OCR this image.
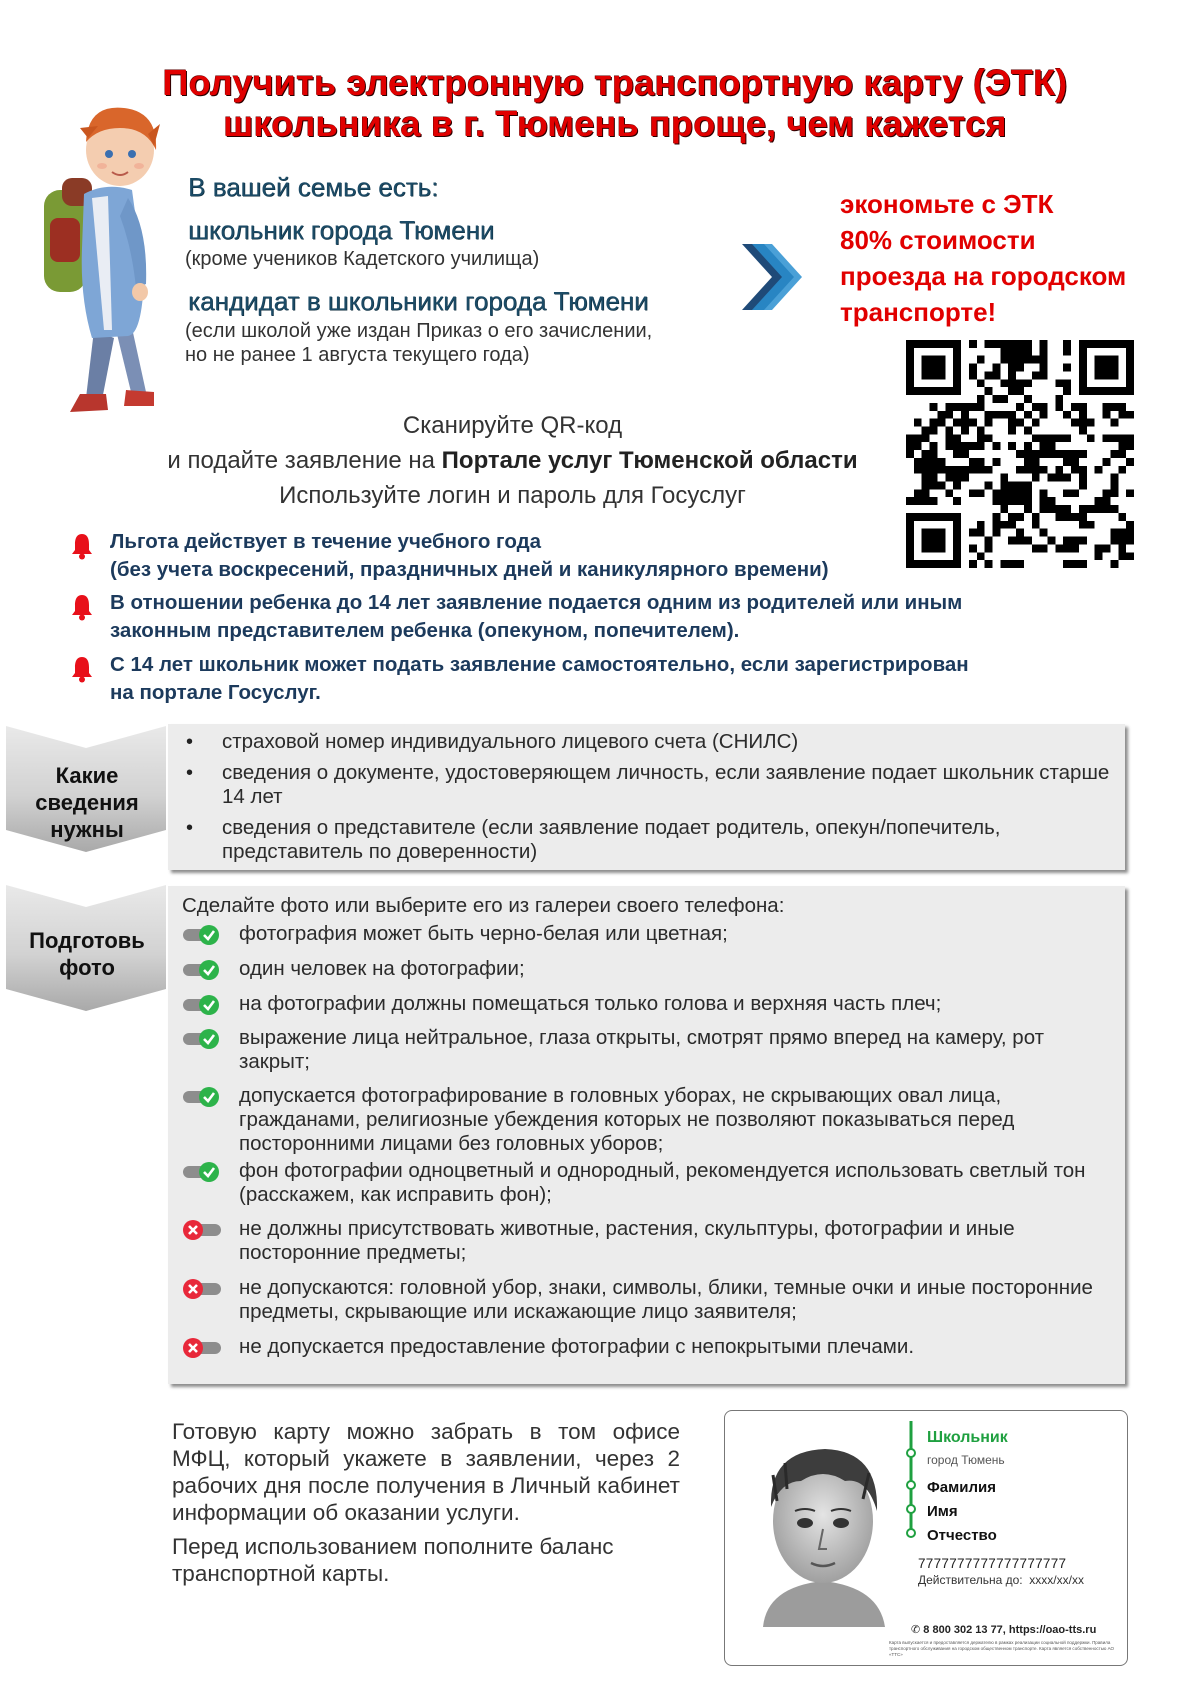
Получить электронную транспортную карту (ЭТК)
школьника в г. Тюмень проще, чем кажется
В вашей семье есть:
школьник города Тюмени
(кроме учеников Кадетского училища)
кандидат в школьники города Тюмени
(если школой уже издан Приказ о его зачислении,
но не ранее 1 августа текущего года)
экономьте с ЭТК
80% стоимости
проезда на городском
транспорте!
Сканируйте QR-код
и подайте заявление на Портале услуг Тюменской области
Используйте логин и пароль для Госуслуг
Льгота действует в течение учебного года
(без учета воскресений, праздничных дней и каникулярного времени)
В отношении ребенка до 14 лет заявление подается одним из родителей или иным
законным представителем ребенка (опекуном, попечителем).
С 14 лет школьник может подать заявление самостоятельно, если зарегистрирован
на портале Госуслуг.
Какие
сведения
нужны
• страховой номер индивидуального лицевого счета (СНИЛС)
• сведения о документе, удостоверяющем личность, если заявление подает школьник старше 14 лет
• сведения о представителе (если заявление подает родитель, опекун/попечитель, представитель по доверенности)
Подготовь
фото
Сделайте фото или выберите его из галереи своего телефона:
фотография может быть черно-белая или цветная;
один человек на фотографии;
на фотографии должны помещаться только голова и верхняя часть плеч;
выражение лица нейтральное, глаза открыты, смотрят прямо вперед на камеру, рот закрыт;
допускается фотографирование в головных уборах, не скрывающих овал лица, гражданами, религиозные убеждения которых не позволяют показываться перед посторонними лицами без головных уборов;
фон фотографии одноцветный и однородный, рекомендуется использовать светлый тон (расскажем, как исправить фон);
не должны присутствовать животные, растения, скульптуры, фотографии и иные посторонние предметы;
не допускаются: головной убор, знаки, символы, блики, темные очки и иные посторонние предметы, скрывающие или искажающие лицо заявителя;
не допускается предоставление фотографии с непокрытыми плечами.
Готовую карту можно забрать в том офисе МФЦ, который укажете в заявлении, через 2 рабочих дня после получения в Личный кабинет информации об оказании услуги.
Перед использованием пополните баланс транспортной карты.
Школьник
город Тюмень
Фамилия
Имя
Отчество
7777777777777777777
Действительна до: xxxx/xx/xx
✆ 8 800 302 13 77, https://oao-tts.ru
Карта выпускается и предоставляется держателю в рамках реализации социальной поддержки. Правила транспортного обслуживания на городском общественном транспорте. Карта является собственностью АО «ТТС»
